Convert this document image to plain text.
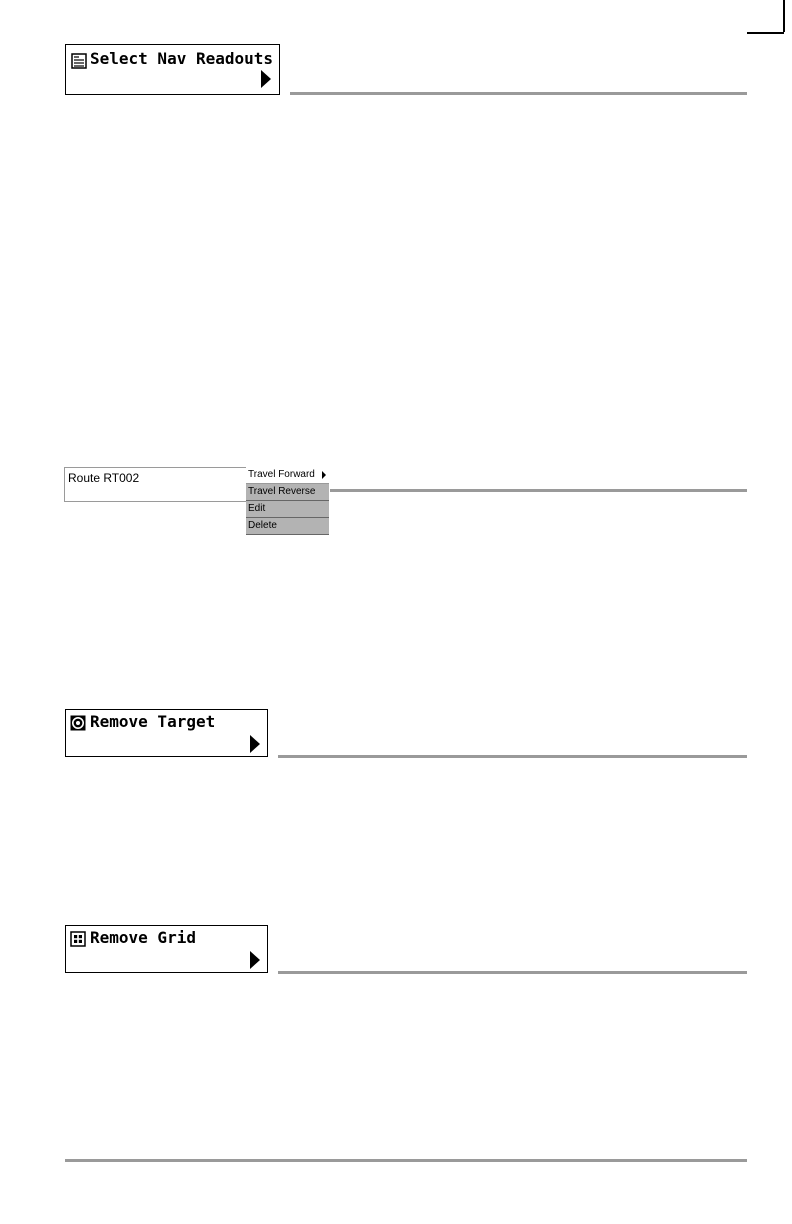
Select Nav Readouts
Route RT002	Travel Forward
Travel Reverse
Edit
Delete
Remove Target
Remove Grid
